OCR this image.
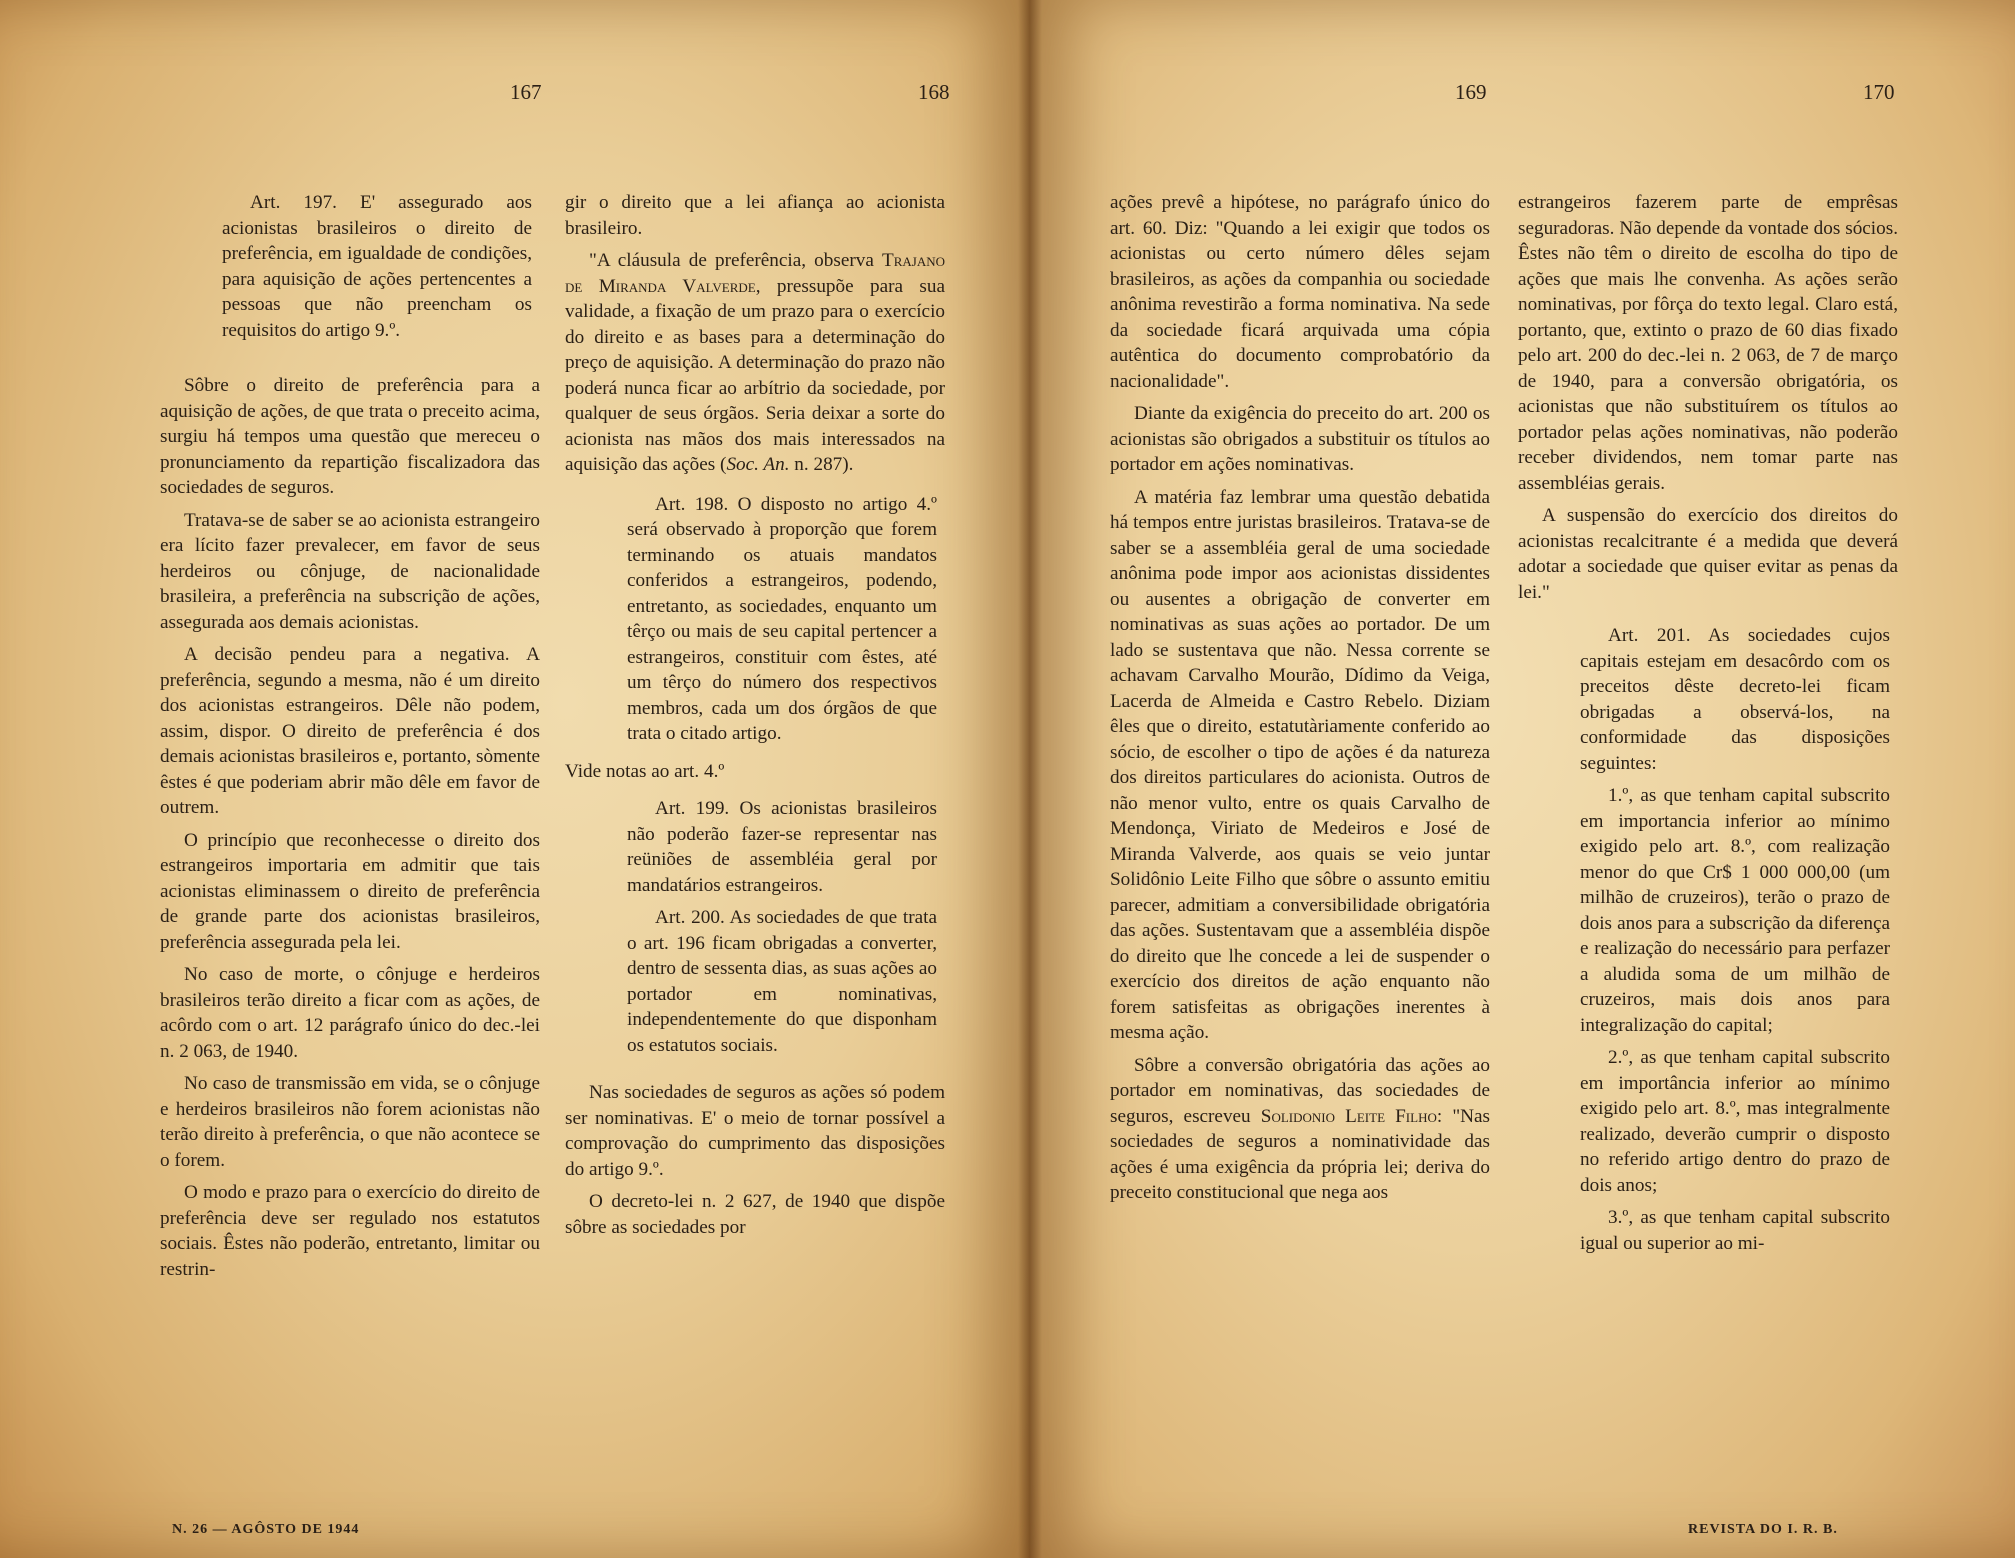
167	168

Art. 197. E' assegurado aos acionistas brasileiros o direito de preferência, em igualdade de condições, para aquisição de ações pertencentes a pessoas que não preencham os requisitos do artigo 9.º.

Sôbre o direito de preferência para a aquisição de ações, de que trata o preceito acima, surgiu há tempos uma questão que mereceu o pronunciamento da repartição fiscalizadora das sociedades de seguros.

Tratava-se de saber se ao acionista estrangeiro era lícito fazer prevalecer, em favor de seus herdeiros ou cônjuge, de nacionalidade brasileira, a preferência na subscrição de ações, assegurada aos demais acionistas.

A decisão pendeu para a negativa. A preferência, segundo a mesma, não é um direito dos acionistas estrangeiros. Dêle não podem, assim, dispor. O direito de preferência é dos demais acionistas brasileiros e, portanto, sòmente êstes é que poderiam abrir mão dêle em favor de outrem.

O princípio que reconhecesse o direito dos estrangeiros importaria em admitir que tais acionistas eliminassem o direito de preferência de grande parte dos acionistas brasileiros, preferência assegurada pela lei.

No caso de morte, o cônjuge e herdeiros brasileiros terão direito a ficar com as ações, de acôrdo com o art. 12 parágrafo único do dec.-lei n. 2 063, de 1940.

No caso de transmissão em vida, se o cônjuge e herdeiros brasileiros não forem acionistas não terão direito à preferência, o que não acontece se o forem.

O modo e prazo para o exercício do direito de preferência deve ser regulado nos estatutos sociais. Êstes não poderão, entretanto, limitar ou restrin-

gir o direito que a lei afiança ao acionista brasileiro.

"A cláusula de preferência, observa Trajano de Miranda Valverde, pressupõe para sua validade, a fixação de um prazo para o exercício do direito e as bases para a determinação do preço de aquisição. A determinação do prazo não poderá nunca ficar ao arbítrio da sociedade, por qualquer de seus órgãos. Seria deixar a sorte do acionista nas mãos dos mais interessados na aquisição das ações (Soc. An. n. 287).

Art. 198. O disposto no artigo 4.º será observado à proporção que forem terminando os atuais mandatos conferidos a estrangeiros, podendo, entretanto, as sociedades, enquanto um têrço ou mais de seu capital pertencer a estrangeiros, constituir com êstes, até um têrço do número dos respectivos membros, cada um dos órgãos de que trata o citado artigo.

Vide notas ao art. 4.º

Art. 199. Os acionistas brasileiros não poderão fazer-se representar nas reüniões de assembléia geral por mandatários estrangeiros.

Art. 200. As sociedades de que trata o art. 196 ficam obrigadas a converter, dentro de sessenta dias, as suas ações ao portador em nominativas, independentemente do que disponham os estatutos sociais.

Nas sociedades de seguros as ações só podem ser nominativas. E' o meio de tornar possível a comprovação do cumprimento das disposições do artigo 9.º.

O decreto-lei n. 2 627, de 1940 que dispõe sôbre as sociedades por

N. 26 — AGÔSTO DE 1944
169	170

ações prevê a hipótese, no parágrafo único do art. 60. Diz: "Quando a lei exigir que todos os acionistas ou certo número dêles sejam brasileiros, as ações da companhia ou sociedade anônima revestirão a forma nominativa. Na sede da sociedade ficará arquivada uma cópia autêntica do documento comprobatório da nacionalidade".

Diante da exigência do preceito do art. 200 os acionistas são obrigados a substituir os títulos ao portador em ações nominativas.

A matéria faz lembrar uma questão debatida há tempos entre juristas brasileiros. Tratava-se de saber se a assembléia geral de uma sociedade anônima pode impor aos acionistas dissidentes ou ausentes a obrigação de converter em nominativas as suas ações ao portador. De um lado se sustentava que não. Nessa corrente se achavam Carvalho Mourão, Dídimo da Veiga, Lacerda de Almeida e Castro Rebelo. Diziam êles que o direito, estatutàriamente conferido ao sócio, de escolher o tipo de ações é da natureza dos direitos particulares do acionista. Outros de não menor vulto, entre os quais Carvalho de Mendonça, Viriato de Medeiros e José de Miranda Valverde, aos quais se veio juntar Solidônio Leite Filho que sôbre o assunto emitiu parecer, admitiam a conversibilidade obrigatória das ações. Sustentavam que a assembléia dispõe do direito que lhe concede a lei de suspender o exercício dos direitos de ação enquanto não forem satisfeitas as obrigações inerentes à mesma ação.

Sôbre a conversão obrigatória das ações ao portador em nominativas, das sociedades de seguros, escreveu Solidonio Leite Filho: "Nas sociedades de seguros a nominatividade das ações é uma exigência da própria lei; deriva do preceito constitucional que nega aos

estrangeiros fazerem parte de emprêsas seguradoras. Não depende da vontade dos sócios. Êstes não têm o direito de escolha do tipo de ações que mais lhe convenha. As ações serão nominativas, por fôrça do texto legal. Claro está, portanto, que, extinto o prazo de 60 dias fixado pelo art. 200 do dec.-lei n. 2 063, de 7 de março de 1940, para a conversão obrigatória, os acionistas que não substituírem os títulos ao portador pelas ações nominativas, não poderão receber dividendos, nem tomar parte nas assembléias gerais.

A suspensão do exercício dos direitos do acionistas recalcitrante é a medida que deverá adotar a sociedade que quiser evitar as penas da lei."

Art. 201. As sociedades cujos capitais estejam em desacôrdo com os preceitos dêste decreto-lei ficam obrigadas a observá-los, na conformidade das disposições seguintes:

1.º, as que tenham capital subscrito em importancia inferior ao mínimo exigido pelo art. 8.º, com realização menor do que Cr$ 1 000 000,00 (um milhão de cruzeiros), terão o prazo de dois anos para a subscrição da diferença e realização do necessário para perfazer a aludida soma de um milhão de cruzeiros, mais dois anos para integralização do capital;

2.º, as que tenham capital subscrito em importância inferior ao mínimo exigido pelo art. 8.º, mas integralmente realizado, deverão cumprir o disposto no referido artigo dentro do prazo de dois anos;

3.º, as que tenham capital subscrito igual ou superior ao mi-

REVISTA DO I. R. B.
